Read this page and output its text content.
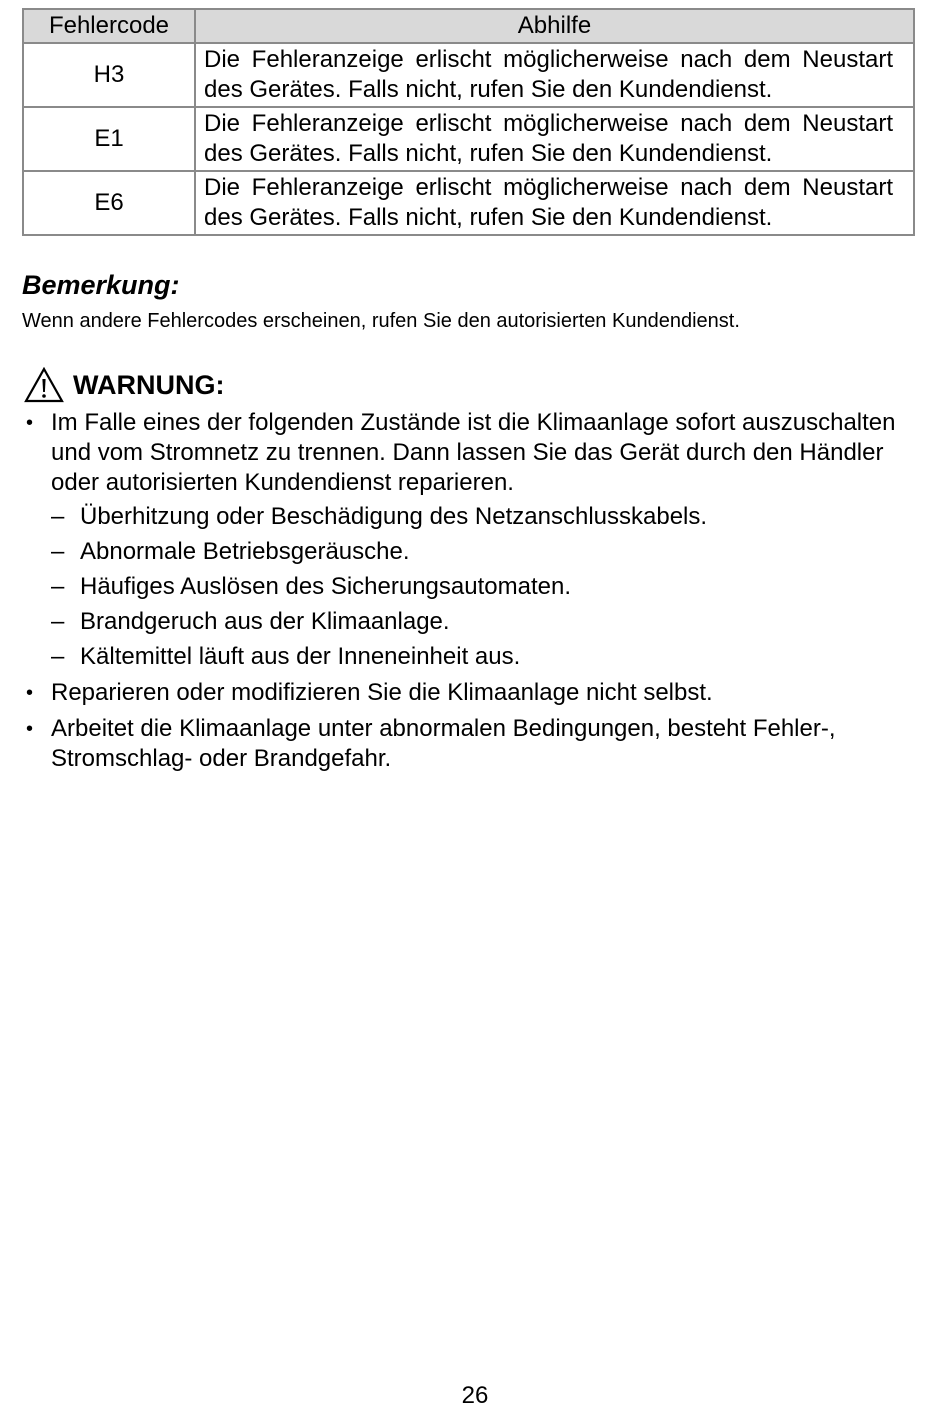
Fehlercode	Abhilfe
H3	Die Fehleranzeige erlischt möglicherweise nach dem Neustart des Gerätes. Falls nicht, rufen Sie den Kundendienst.
E1	Die Fehleranzeige erlischt möglicherweise nach dem Neustart des Gerätes. Falls nicht, rufen Sie den Kundendienst.
E6	Die Fehleranzeige erlischt möglicherweise nach dem Neustart des Gerätes. Falls nicht, rufen Sie den Kundendienst.
Bemerkung:

Wenn andere Fehlercodes erscheinen, rufen Sie den autorisierten Kundendienst.

WARNUNG:
• Im Falle eines der folgenden Zustände ist die Klimaanlage sofort auszuschalten und vom Stromnetz zu trennen. Dann lassen Sie das Gerät durch den Händler oder autorisierten Kundendienst reparieren.
– Überhitzung oder Beschädigung des Netzanschlusskabels.
– Abnormale Betriebsgeräusche.
– Häufiges Auslösen des Sicherungsautomaten.
– Brandgeruch aus der Klimaanlage.
– Kältemittel läuft aus der Inneneinheit aus.
• Reparieren oder modifizieren Sie die Klimaanlage nicht selbst.
• Arbeitet die Klimaanlage unter abnormalen Bedingungen, besteht Fehler-, Stromschlag- oder Brandgefahr.
26
